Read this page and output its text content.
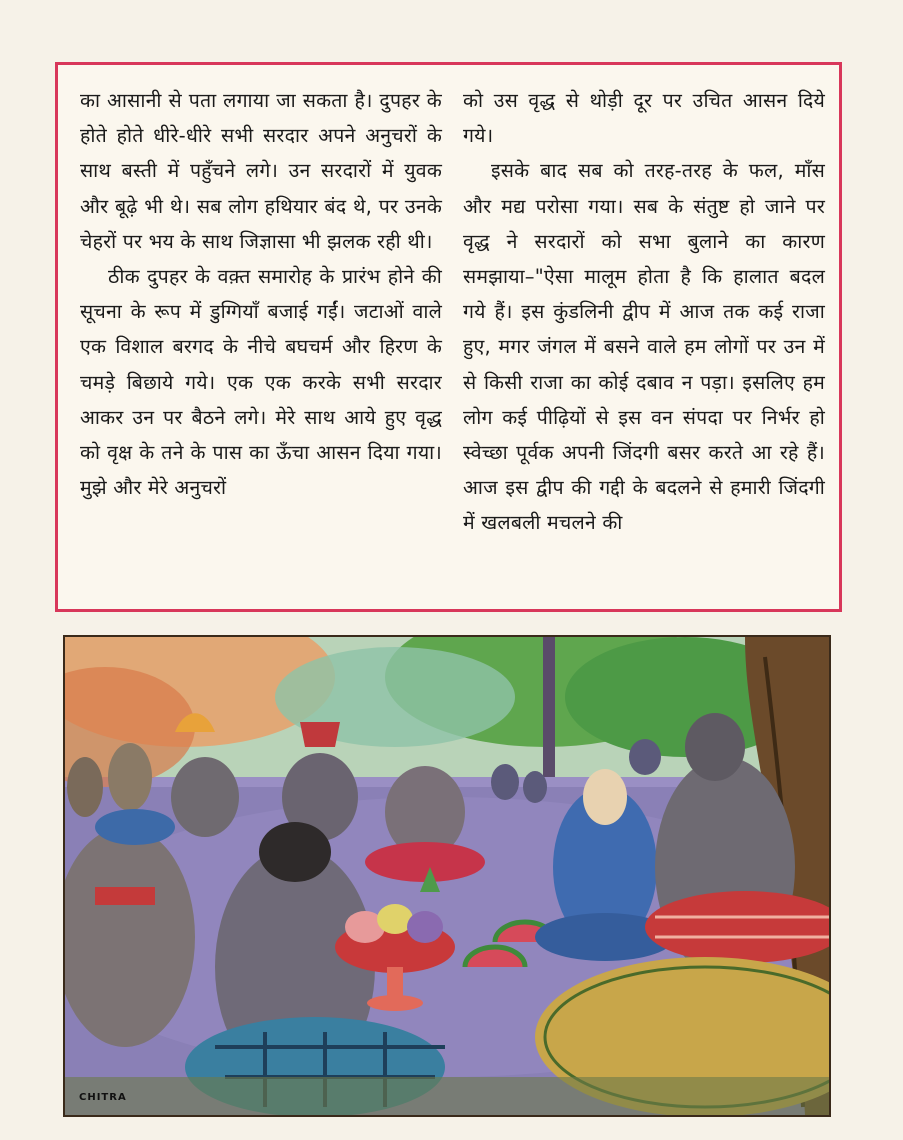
का आसानी से पता लगाया जा सकता है। दुपहर के होते होते धीरे-धीरे सभी सरदार अपने अनुचरों के साथ बस्ती में पहुँचने लगे। उन सरदारों में युवक और बूढ़े भी थे। सब लोग हथियार बंद थे, पर उनके चेहरों पर भय के साथ जिज्ञासा भी झलक रही थी।

ठीक दुपहर के वक़्त समारोह के प्रारंभ होने की सूचना के रूप में डुग्गियाँ बजाई गईं। जटाओं वाले एक विशाल बरगद के नीचे बघचर्म और हिरण के चमड़े बिछाये गये। एक एक करके सभी सरदार आकर उन पर बैठने लगे। मेरे साथ आये हुए वृद्ध को वृक्ष के तने के पास का ऊँचा आसन दिया गया। मुझे और मेरे अनुचरों

को उस वृद्ध से थोड़ी दूर पर उचित आसन दिये गये।

इसके बाद सब को तरह-तरह के फल, माँस और मद्य परोसा गया। सब के संतुष्ट हो जाने पर वृद्ध ने सरदारों को सभा बुलाने का कारण समझाया–"ऐसा मालूम होता है कि हालात बदल गये हैं। इस कुंडलिनी द्वीप में आज तक कई राजा हुए, मगर जंगल में बसने वाले हम लोगों पर उन में से किसी राजा का कोई दबाव न पड़ा। इसलिए हम लोग कई पीढ़ियों से इस वन संपदा पर निर्भर हो स्वेच्छा पूर्वक अपनी जिंदगी बसर करते आ रहे हैं। आज इस द्वीप की गद्दी के बदलने से हमारी जिंदगी में खलबली मचलने की

CHITRA
